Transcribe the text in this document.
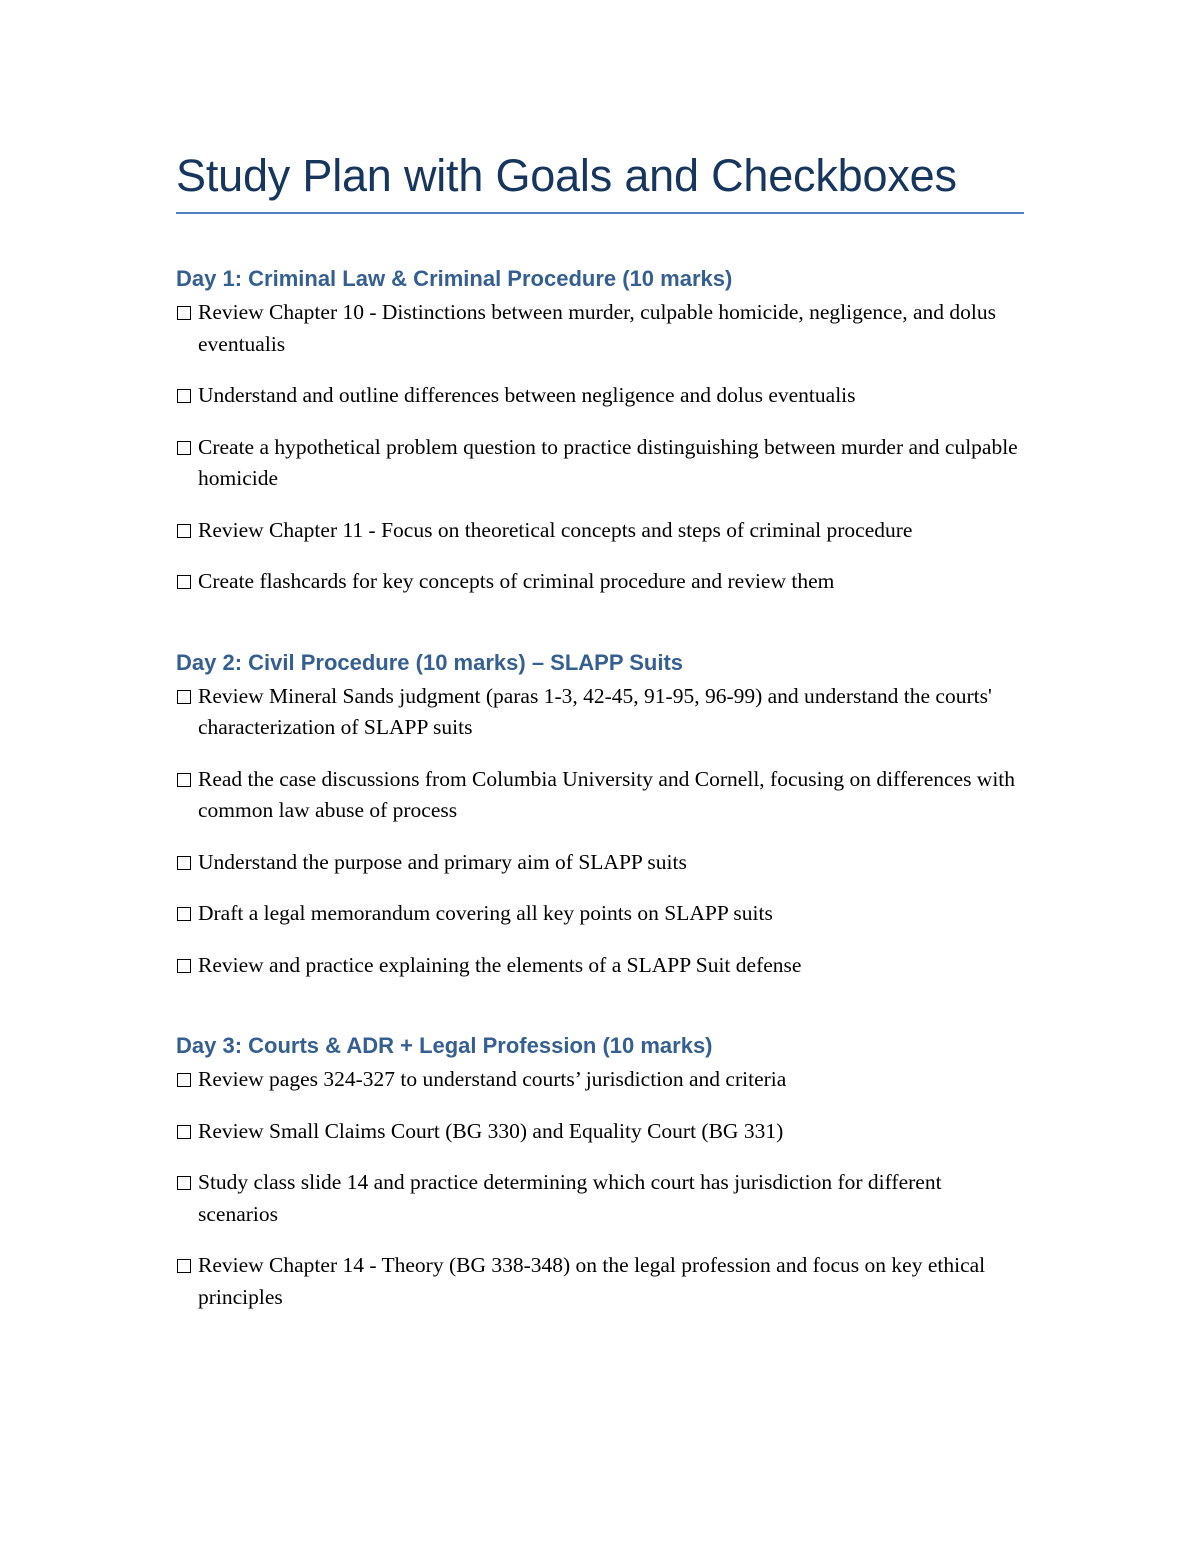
Study Plan with Goals and Checkboxes
Day 1: Criminal Law & Criminal Procedure (10 marks)
Review Chapter 10 - Distinctions between murder, culpable homicide, negligence, and dolus eventualis
Understand and outline differences between negligence and dolus eventualis
Create a hypothetical problem question to practice distinguishing between murder and culpable homicide
Review Chapter 11 - Focus on theoretical concepts and steps of criminal procedure
Create flashcards for key concepts of criminal procedure and review them
Day 2: Civil Procedure (10 marks) – SLAPP Suits
Review Mineral Sands judgment (paras 1-3, 42-45, 91-95, 96-99) and understand the courts' characterization of SLAPP suits
Read the case discussions from Columbia University and Cornell, focusing on differences with common law abuse of process
Understand the purpose and primary aim of SLAPP suits
Draft a legal memorandum covering all key points on SLAPP suits
Review and practice explaining the elements of a SLAPP Suit defense
Day 3: Courts & ADR + Legal Profession (10 marks)
Review pages 324-327 to understand courts’ jurisdiction and criteria
Review Small Claims Court (BG 330) and Equality Court (BG 331)
Study class slide 14 and practice determining which court has jurisdiction for different scenarios
Review Chapter 14 - Theory (BG 338-348) on the legal profession and focus on key ethical principles
